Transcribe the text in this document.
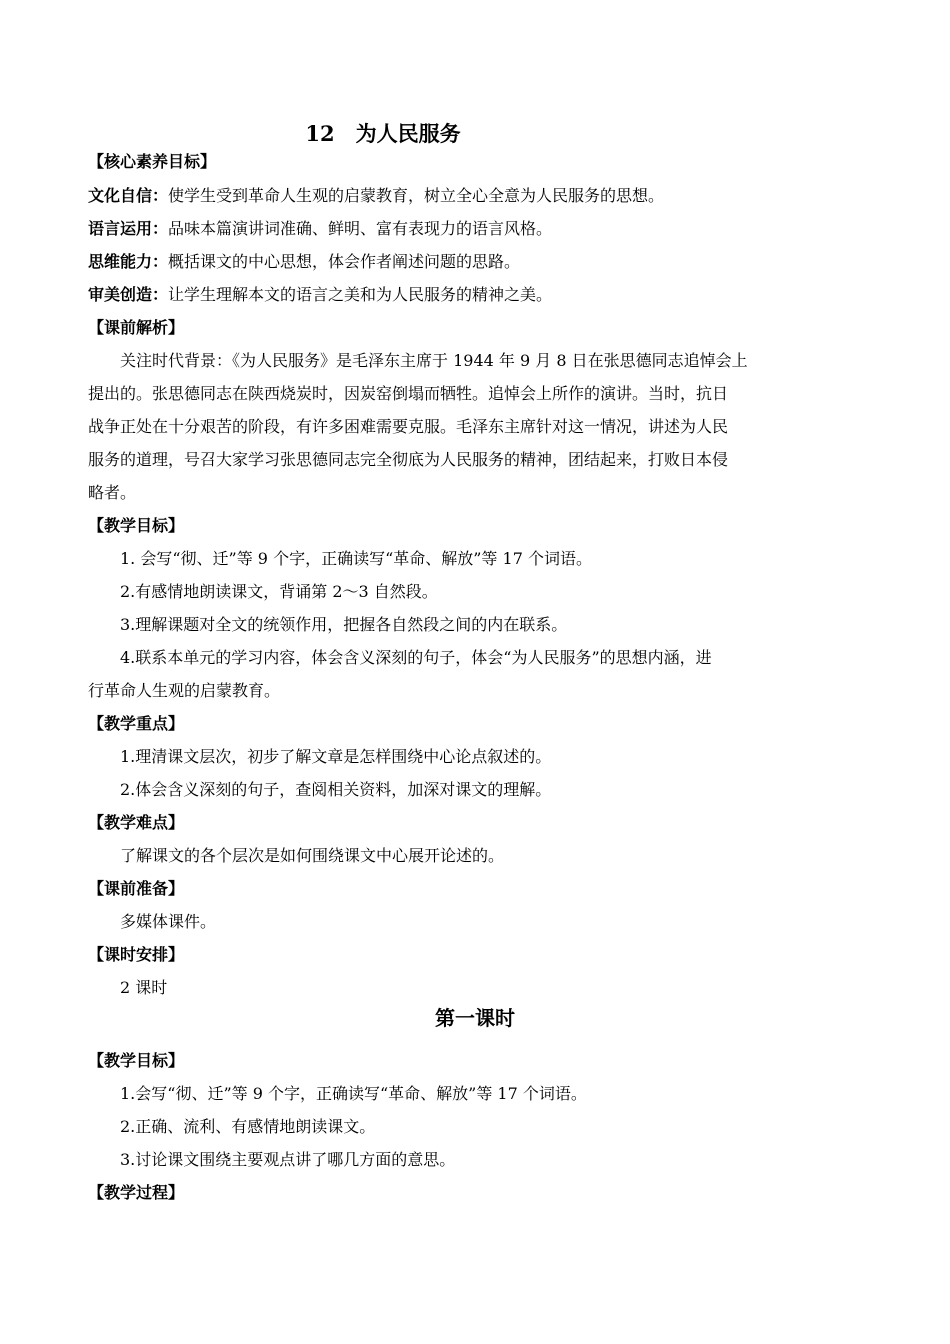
12　为人民服务
【核心素养目标】
文化自信：使学生受到革命人生观的启蒙教育，树立全心全意为人民服务的思想。
语言运用：品味本篇演讲词准确、鲜明、富有表现力的语言风格。
思维能力：概括课文的中心思想，体会作者阐述问题的思路。
审美创造：让学生理解本文的语言之美和为人民服务的精神之美。
【课前解析】
关注时代背景：《为人民服务》是毛泽东主席于 1944 年 9 月 8 日在张思德同志追悼会上
提出的。张思德同志在陕西烧炭时，因炭窑倒塌而牺牲。追悼会上所作的演讲。当时，抗日
战争正处在十分艰苦的阶段，有许多困难需要克服。毛泽东主席针对这一情况，讲述为人民
服务的道理，号召大家学习张思德同志完全彻底为人民服务的精神，团结起来，打败日本侵
略者。
【教学目标】
1. 会写“彻、迁”等 9 个字，正确读写“革命、解放”等 17 个词语。
2.有感情地朗读课文，背诵第 2～3 自然段。
3.理解课题对全文的统领作用，把握各自然段之间的内在联系。
4.联系本单元的学习内容，体会含义深刻的句子，体会“为人民服务”的思想内涵，进
行革命人生观的启蒙教育。
【教学重点】
1.理清课文层次，初步了解文章是怎样围绕中心论点叙述的。
2.体会含义深刻的句子，查阅相关资料，加深对课文的理解。
【教学难点】
了解课文的各个层次是如何围绕课文中心展开论述的。
【课前准备】
多媒体课件。
【课时安排】
2 课时
第一课时
【教学目标】
1.会写“彻、迁”等 9 个字，正确读写“革命、解放”等 17 个词语。
2.正确、流利、有感情地朗读课文。
3.讨论课文围绕主要观点讲了哪几方面的意思。
【教学过程】
